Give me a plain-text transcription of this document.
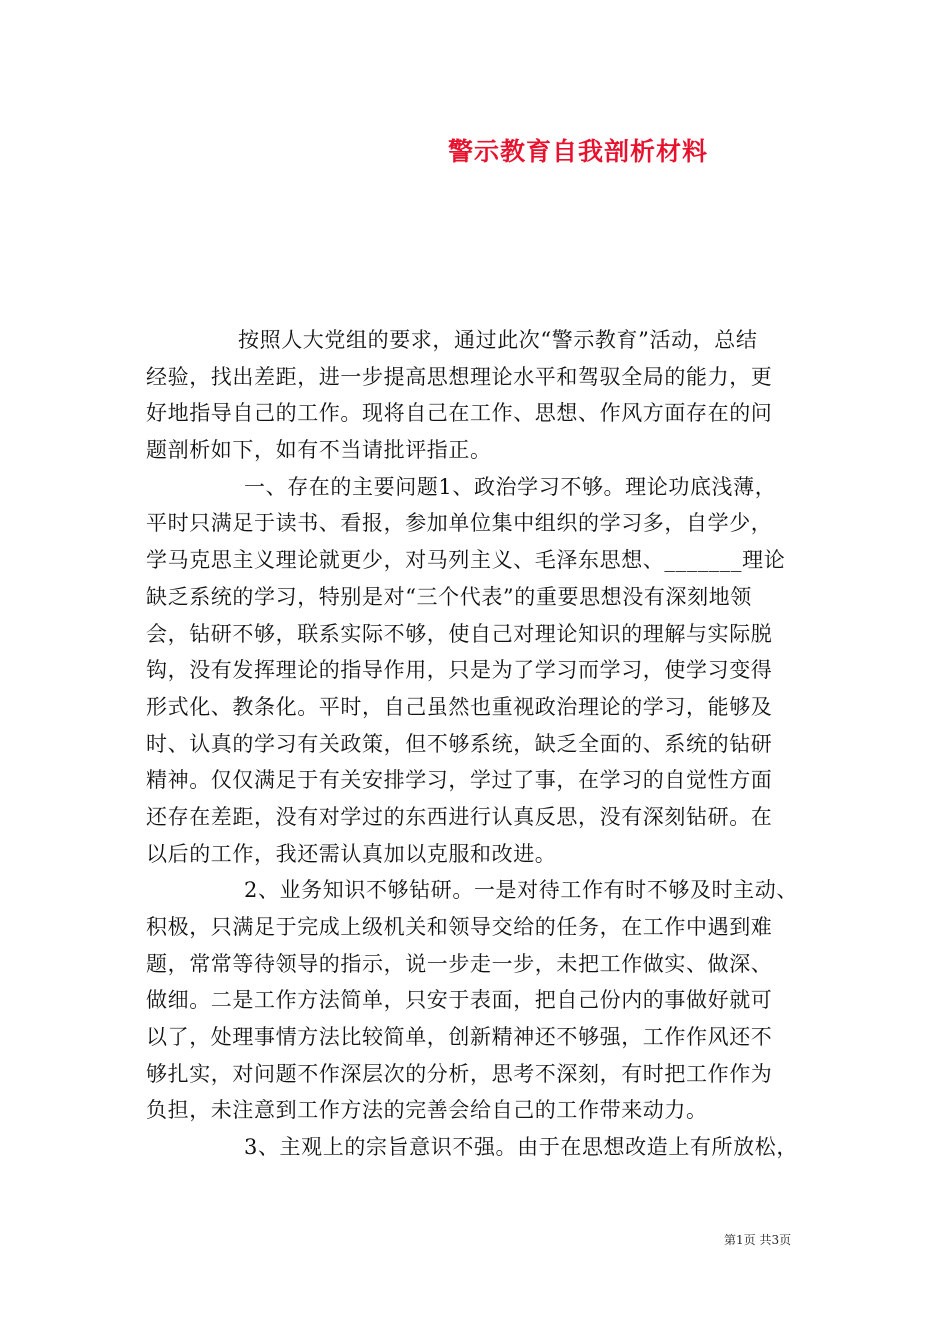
警示教育自我剖析材料
按照人大党组的要求，通过此次“警示教育”活动，总结
经验，找出差距，进一步提高思想理论水平和驾驭全局的能力，更
好地指导自己的工作。现将自己在工作、思想、作风方面存在的问
题剖析如下，如有不当请批评指正。
一、存在的主要问题1、政治学习不够。理论功底浅薄，
平时只满足于读书、看报，参加单位集中组织的学习多，自学少，
学马克思主义理论就更少，对马列主义、毛泽东思想、_______理论
缺乏系统的学习，特别是对“三个代表”的重要思想没有深刻地领
会，钻研不够，联系实际不够，使自己对理论知识的理解与实际脱
钩，没有发挥理论的指导作用，只是为了学习而学习，使学习变得
形式化、教条化。平时，自己虽然也重视政治理论的学习，能够及
时、认真的学习有关政策，但不够系统，缺乏全面的、系统的钻研
精神。仅仅满足于有关安排学习，学过了事，在学习的自觉性方面
还存在差距，没有对学过的东西进行认真反思，没有深刻钻研。在
以后的工作，我还需认真加以克服和改进。
2、业务知识不够钻研。一是对待工作有时不够及时主动、
积极，只满足于完成上级机关和领导交给的任务，在工作中遇到难
题，常常等待领导的指示，说一步走一步，未把工作做实、做深、
做细。二是工作方法简单，只安于表面，把自己份内的事做好就可
以了，处理事情方法比较简单，创新精神还不够强，工作作风还不
够扎实，对问题不作深层次的分析，思考不深刻，有时把工作作为
负担，未注意到工作方法的完善会给自己的工作带来动力。
3、主观上的宗旨意识不强。由于在思想改造上有所放松，
第1页 共3页
